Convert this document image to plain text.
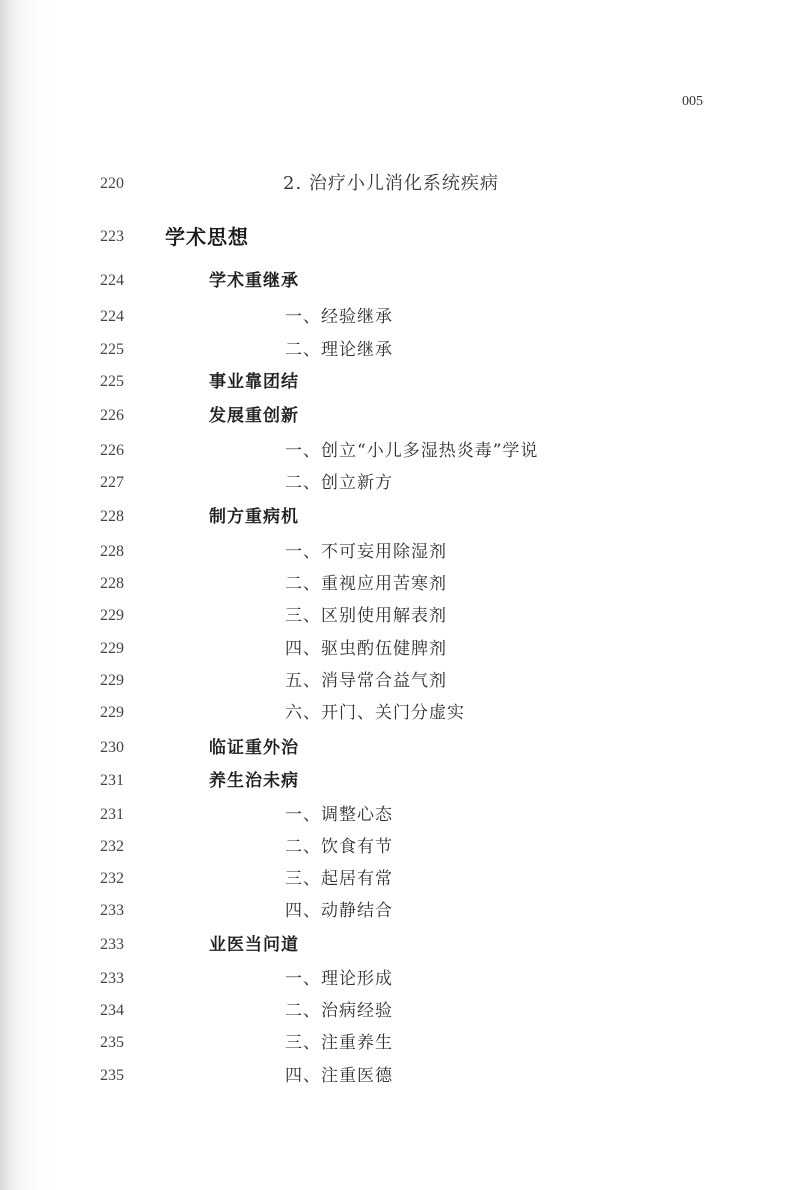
005
220	2. 治疗小儿消化系统疾病
223	学术思想
224	学术重继承
224	一、经验继承
225	二、理论继承
225	事业靠团结
226	发展重创新
226	一、创立“小儿多湿热炎毒”学说
227	二、创立新方
228	制方重病机
228	一、不可妄用除湿剂
228	二、重视应用苦寒剂
229	三、区别使用解表剂
229	四、驱虫酌伍健脾剂
229	五、消导常合益气剂
229	六、开门、关门分虚实
230	临证重外治
231	养生治未病
231	一、调整心态
232	二、饮食有节
232	三、起居有常
233	四、动静结合
233	业医当问道
233	一、理论形成
234	二、治病经验
235	三、注重养生
235	四、注重医德
